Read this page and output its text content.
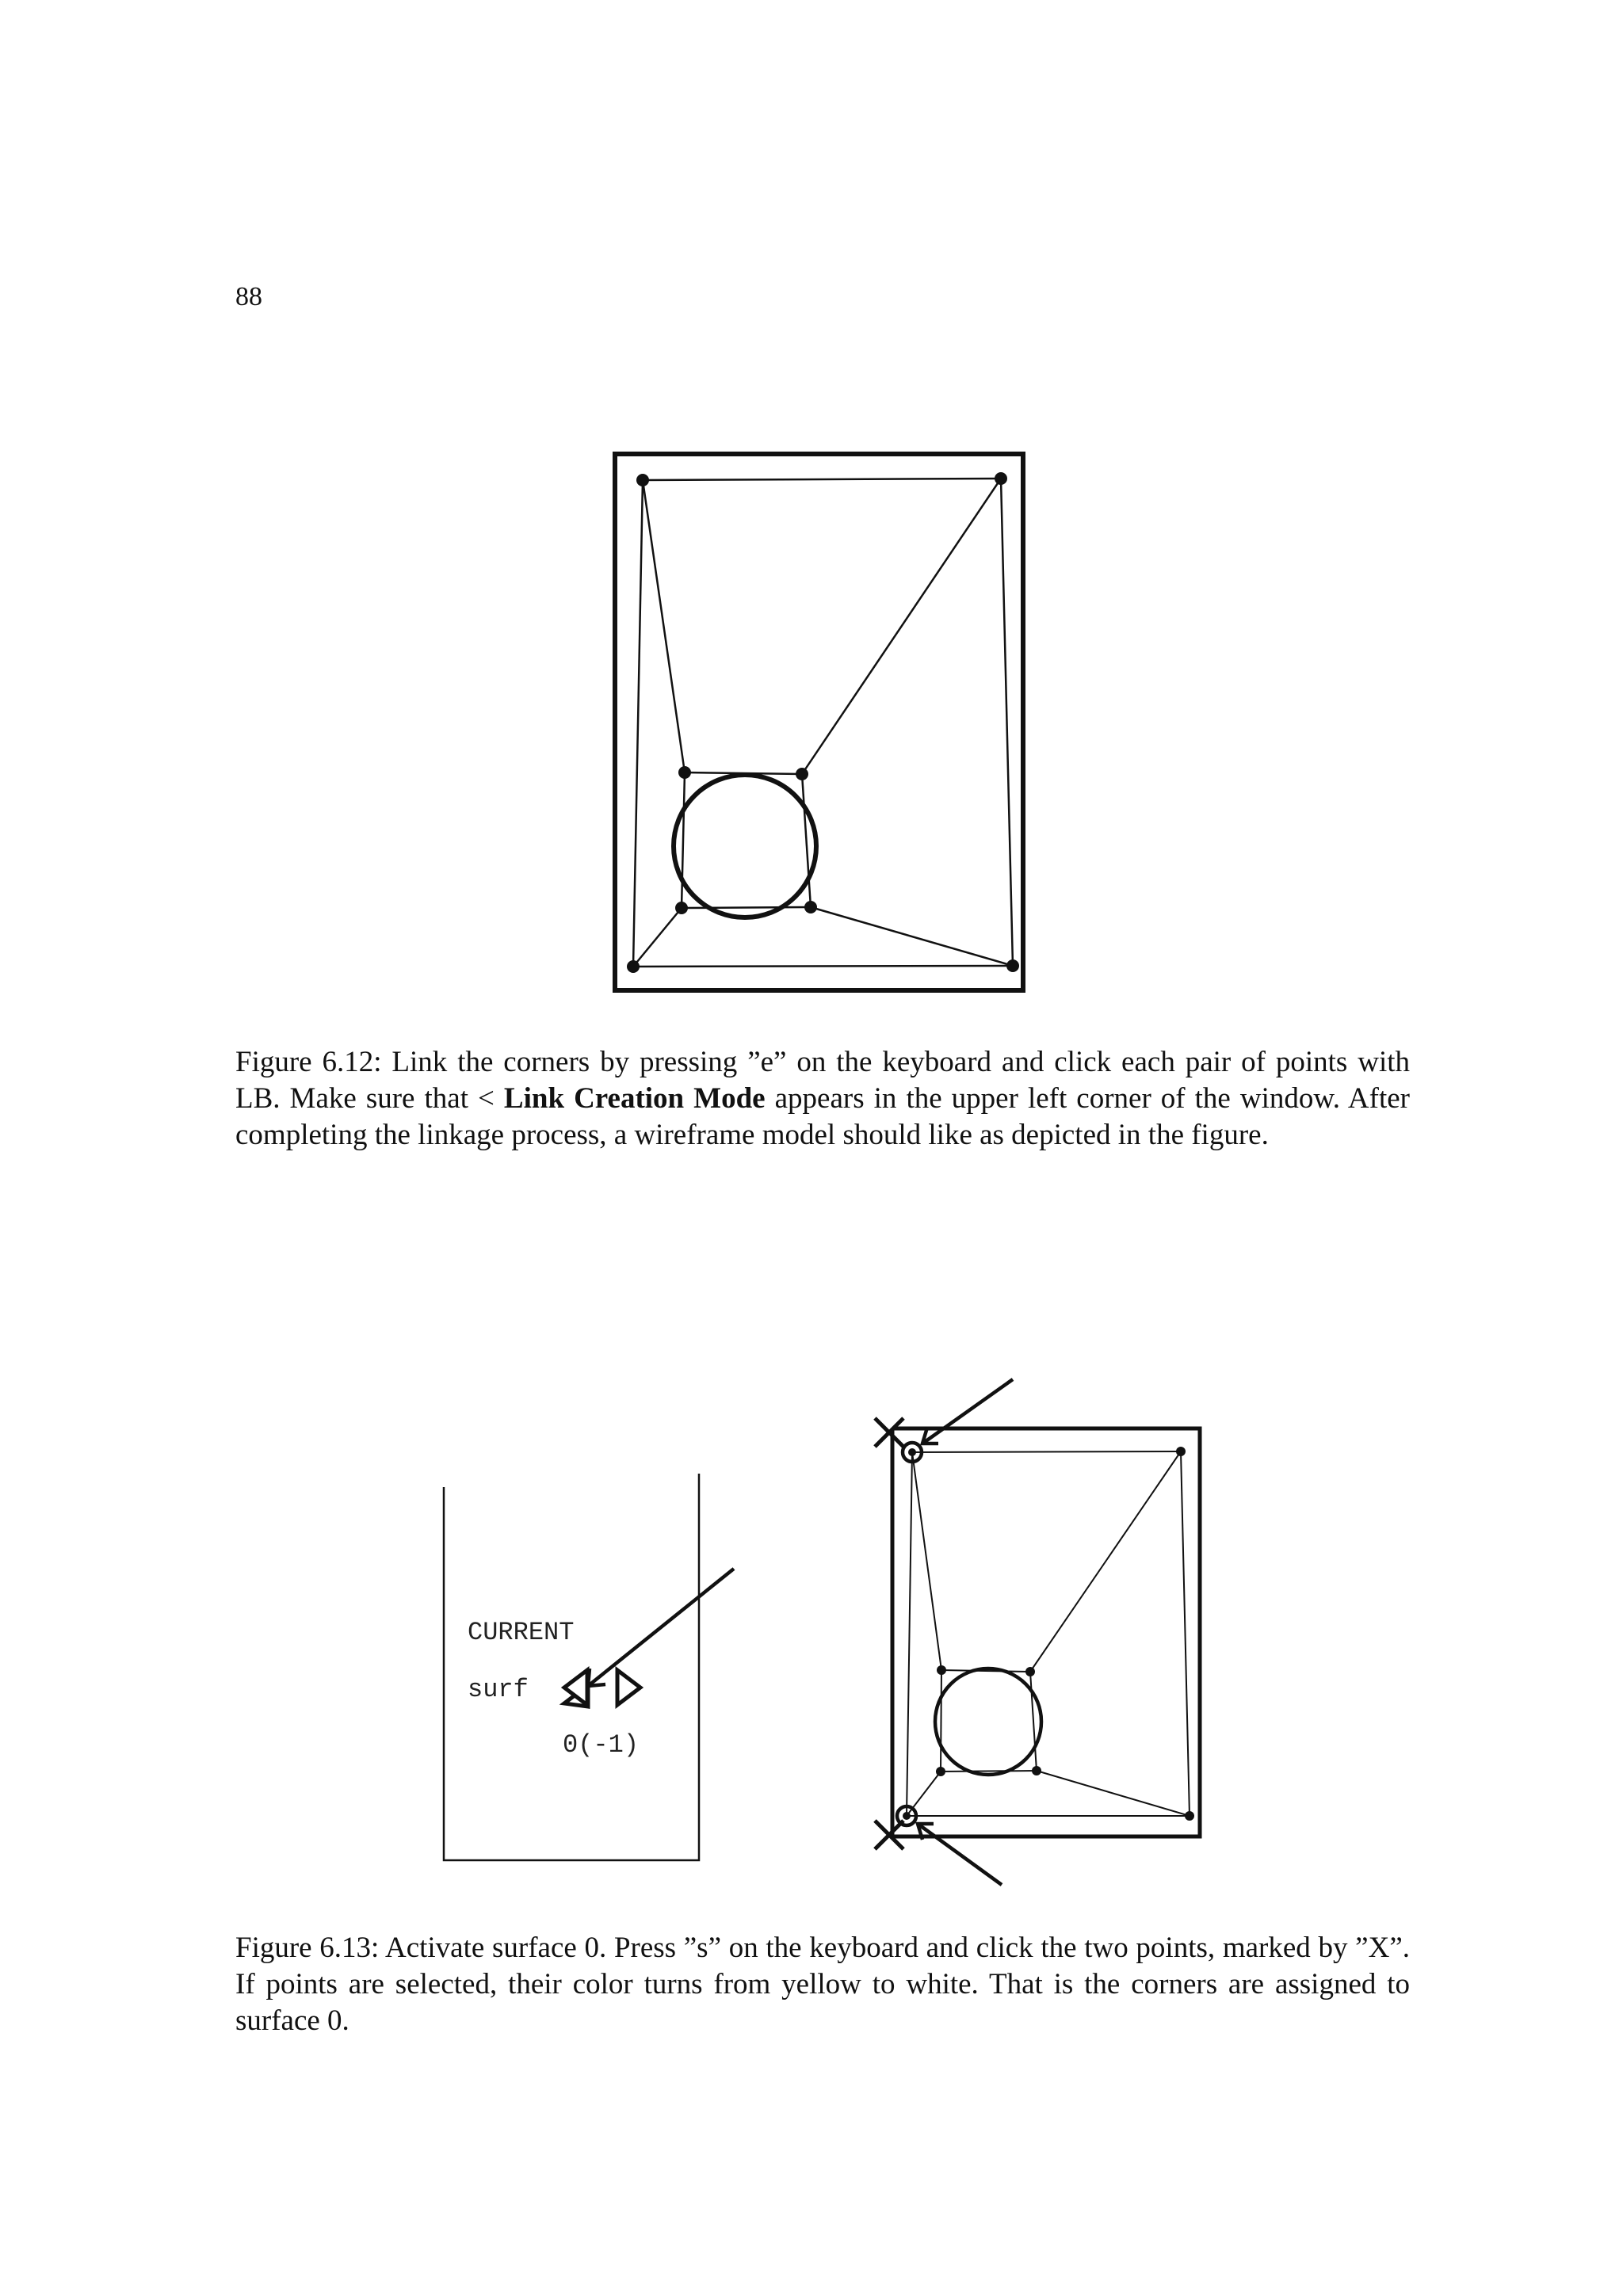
88
Figure 6.12: Link the corners by pressing ”e” on the keyboard and click each pair of points with LB. Make sure that < Link Creation Mode appears in the upper left corner of the window. After completing the linkage process, a wireframe model should like as depicted in the figure.
CURRENT
surf
0(-1)
Figure 6.13: Activate surface 0. Press ”s” on the keyboard and click the two points, marked by ”X”. If points are selected, their color turns from yellow to white. That is the corners are assigned to surface 0.
